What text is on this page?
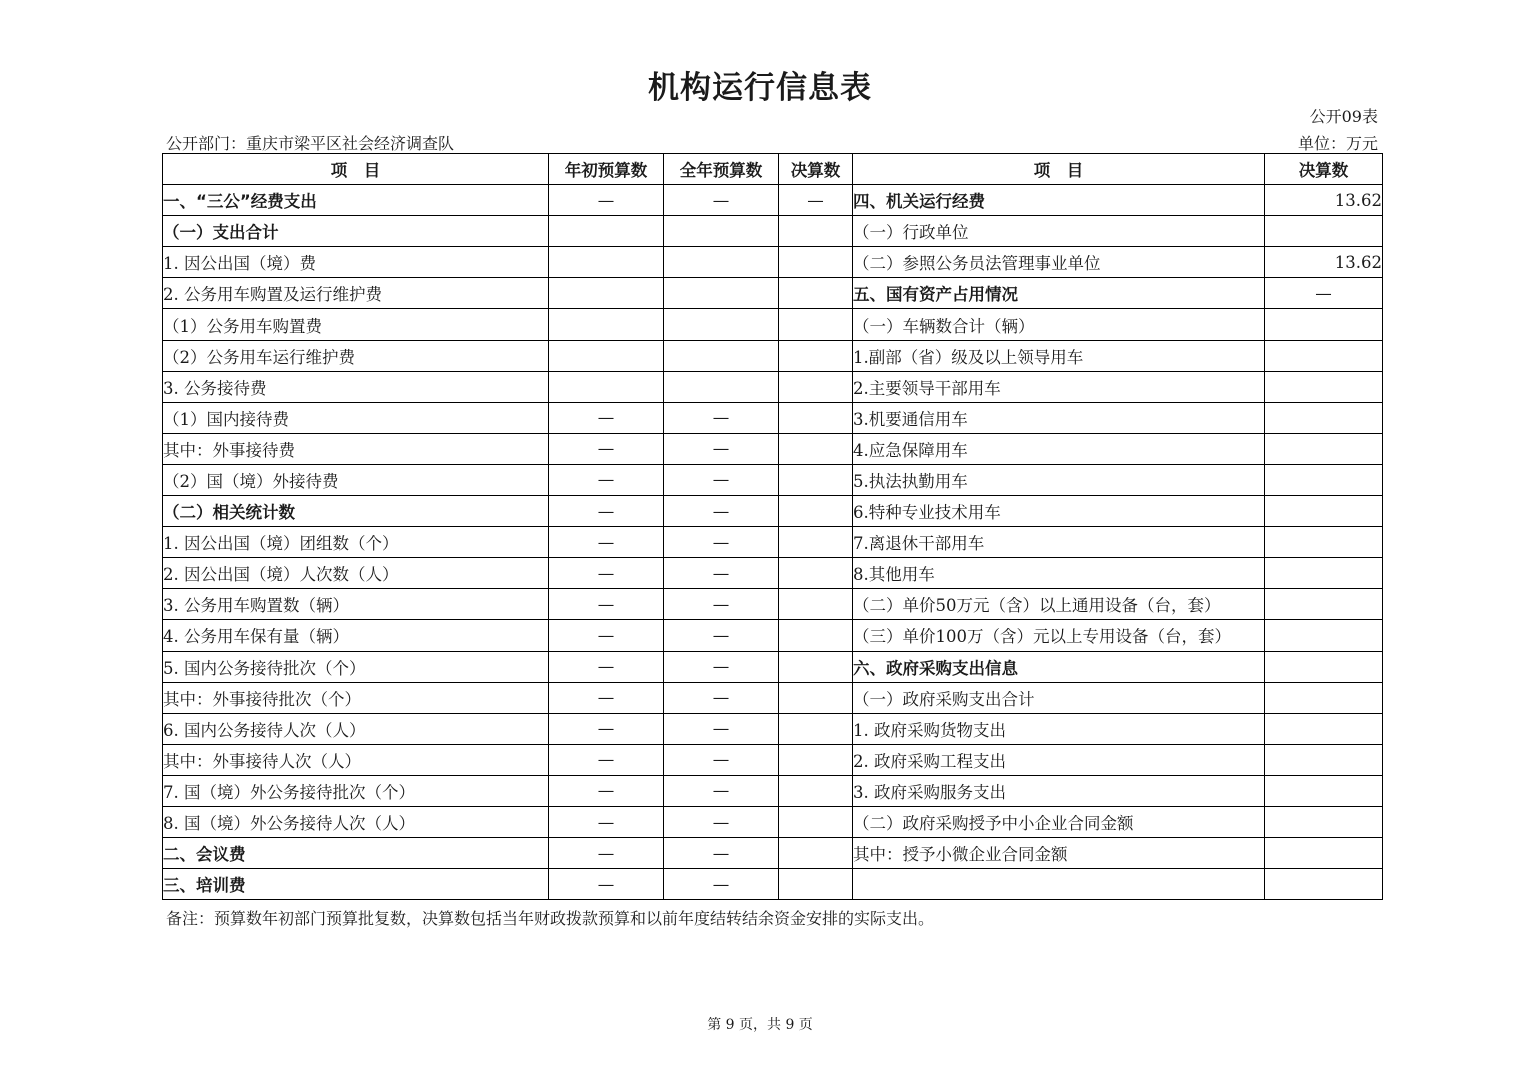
机构运行信息表
公开09表
公开部门：重庆市梁平区社会经济调查队	单位：万元
项　目	年初预算数	全年预算数	决算数	项　目	决算数
一、“三公”经费支出	—	—	—	四、机关运行经费	13.62
（一）支出合计				（一）行政单位	
1. 因公出国（境）费				（二）参照公务员法管理事业单位	13.62
2. 公务用车购置及运行维护费				五、国有资产占用情况	—
（1）公务用车购置费				（一）车辆数合计（辆）	
（2）公务用车运行维护费				1.副部（省）级及以上领导用车	
3. 公务接待费				2.主要领导干部用车	
（1）国内接待费	—	—		3.机要通信用车	
其中：外事接待费	—	—		4.应急保障用车	
（2）国（境）外接待费	—	—		5.执法执勤用车	
（二）相关统计数	—	—		6.特种专业技术用车	
1. 因公出国（境）团组数（个）	—	—		7.离退休干部用车	
2. 因公出国（境）人次数（人）	—	—		8.其他用车	
3. 公务用车购置数（辆）	—	—		（二）单价50万元（含）以上通用设备（台，套）	
4. 公务用车保有量（辆）	—	—		（三）单价100万（含）元以上专用设备（台，套）	
5. 国内公务接待批次（个）	—	—		六、政府采购支出信息	
其中：外事接待批次（个）	—	—		（一）政府采购支出合计	
6. 国内公务接待人次（人）	—	—		1. 政府采购货物支出	
其中：外事接待人次（人）	—	—		2. 政府采购工程支出	
7. 国（境）外公务接待批次（个）	—	—		3. 政府采购服务支出	
8. 国（境）外公务接待人次（人）	—	—		（二）政府采购授予中小企业合同金额	
二、会议费	—	—		其中：授予小微企业合同金额	
三、培训费	—	—			
备注：预算数年初部门预算批复数，决算数包括当年财政拨款预算和以前年度结转结余资金安排的实际支出。
第 9 页，共 9 页
